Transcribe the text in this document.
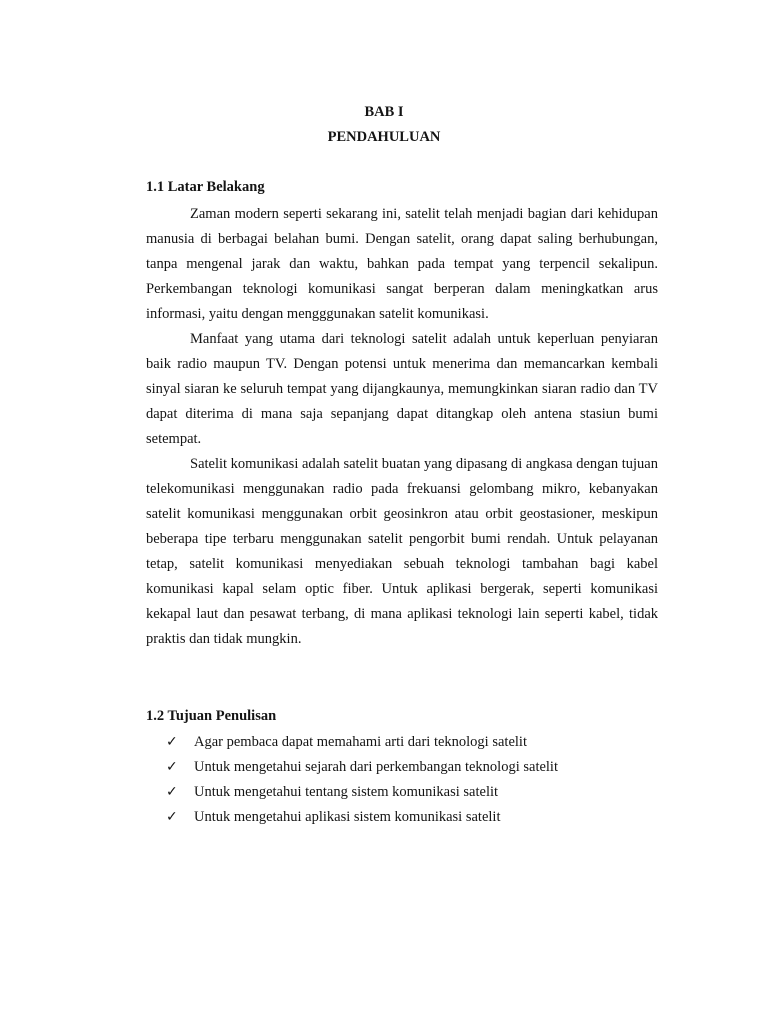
BAB I
PENDAHULUAN
1.1 Latar Belakang

Zaman modern seperti sekarang ini, satelit telah menjadi bagian dari kehidupan manusia di berbagai belahan bumi. Dengan satelit, orang dapat saling berhubungan, tanpa mengenal jarak dan waktu, bahkan pada tempat yang terpencil sekalipun. Perkembangan teknologi komunikasi sangat berperan dalam meningkatkan arus informasi, yaitu dengan mengggunakan satelit komunikasi.

Manfaat yang utama dari teknologi satelit adalah untuk keperluan penyiaran baik radio maupun TV. Dengan potensi untuk menerima dan memancarkan kembali sinyal siaran ke seluruh tempat yang dijangkaunya, memungkinkan siaran radio dan TV dapat diterima di mana saja sepanjang dapat ditangkap oleh antena stasiun bumi setempat.

Satelit komunikasi adalah satelit buatan yang dipasang di angkasa dengan tujuan telekomunikasi menggunakan radio pada frekuansi gelombang mikro, kebanyakan satelit komunikasi menggunakan orbit geosinkron atau orbit geostasioner, meskipun beberapa tipe terbaru menggunakan satelit pengorbit bumi rendah. Untuk pelayanan tetap, satelit komunikasi menyediakan sebuah teknologi tambahan bagi kabel komunikasi kapal selam optic fiber. Untuk aplikasi bergerak, seperti komunikasi kekapal laut dan pesawat terbang, di mana aplikasi teknologi lain seperti kabel, tidak praktis dan tidak mungkin.

1.2 Tujuan Penulisan
✓	Agar pembaca dapat memahami arti dari teknologi satelit
✓	Untuk mengetahui sejarah dari perkembangan teknologi satelit
✓	Untuk mengetahui tentang sistem komunikasi satelit
✓	Untuk mengetahui aplikasi sistem komunikasi satelit
